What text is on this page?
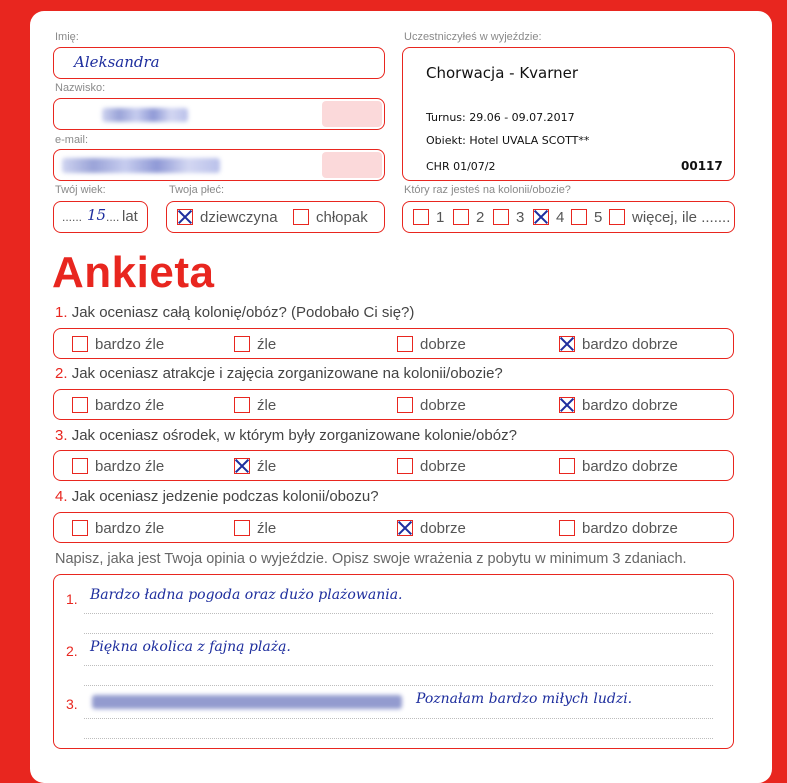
Imię:
Aleksandra
Nazwisko:
e-mail:
Twój wiek:
...... 15 .... lat
Twoja płeć:
dziewczyna	chłopak
Uczestniczyłeś w wyjeździe:
Chorwacja - Kvarner
Turnus: 29.06 - 09.07.2017
Obiekt: Hotel UVALA SCOTT**
CHR 01/07/2	00117
Który raz jesteś na kolonii/obozie?
1	2	3	4	5	więcej, ile .......
Ankieta
1. Jak oceniasz całą kolonię/obóz? (Podobało Ci się?)
bardzo źle	źle	dobrze	bardzo dobrze
2. Jak oceniasz atrakcje i zajęcia zorganizowane na kolonii/obozie?
bardzo źle	źle	dobrze	bardzo dobrze
3. Jak oceniasz ośrodek, w którym były zorganizowane kolonie/obóz?
bardzo źle	źle	dobrze	bardzo dobrze
4. Jak oceniasz jedzenie podczas kolonii/obozu?
bardzo źle	źle	dobrze	bardzo dobrze
Napisz, jaka jest Twoja opinia o wyjeździe. Opisz swoje wrażenia z pobytu w minimum 3 zdaniach.
1. Bardzo ładna pogoda oraz dużo plażowania.
2. Piękna okolica z fajną plażą.
3.	Poznałam bardzo miłych ludzi.
